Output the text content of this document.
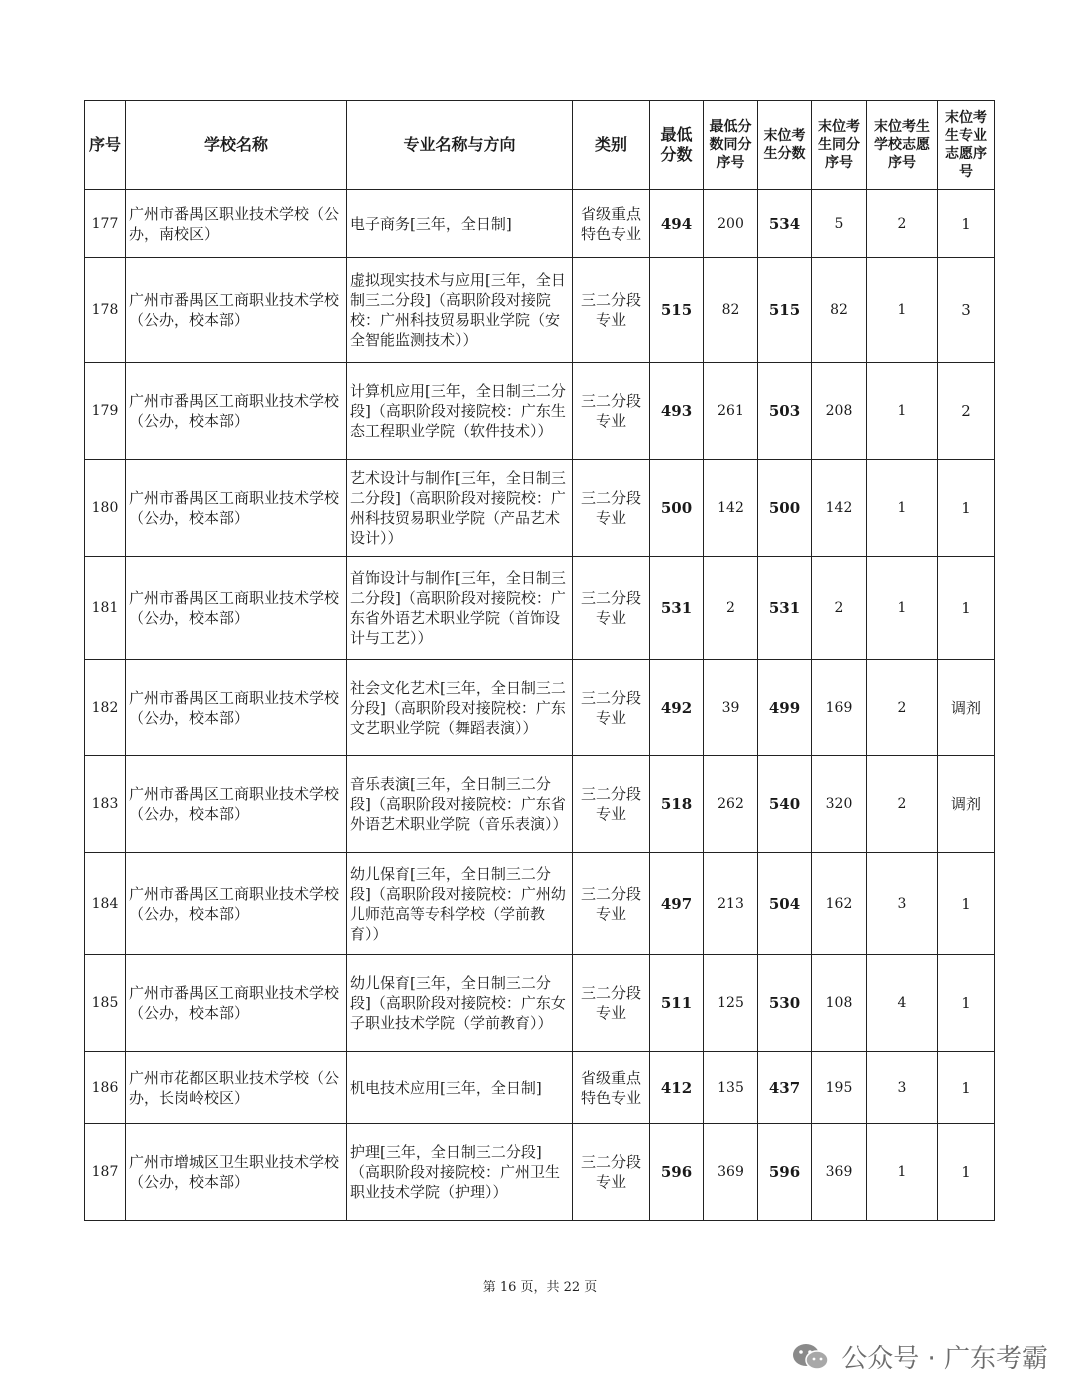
序号	学校名称	专业名称与方向	类别	最低分数	最低分数同分序号	末位考生分数	末位考生同分序号	末位考生学校志愿序号	末位考生专业志愿序号

177	广州市番禺区职业技术学校（公办，南校区）	电子商务[三年，全日制]	省级重点特色专业	494	200	534	5	2	1
178	广州市番禺区工商职业技术学校（公办，校本部）	虚拟现实技术与应用[三年，全日制三二分段]（高职阶段对接院校：广州科技贸易职业学院（安全智能监测技术））	三二分段专业	515	82	515	82	1	3
179	广州市番禺区工商职业技术学校（公办，校本部）	计算机应用[三年，全日制三二分段]（高职阶段对接院校：广东生态工程职业学院（软件技术））	三二分段专业	493	261	503	208	1	2
180	广州市番禺区工商职业技术学校（公办，校本部）	艺术设计与制作[三年，全日制三二分段]（高职阶段对接院校：广州科技贸易职业学院（产品艺术设计））	三二分段专业	500	142	500	142	1	1
181	广州市番禺区工商职业技术学校（公办，校本部）	首饰设计与制作[三年，全日制三二分段]（高职阶段对接院校：广东省外语艺术职业学院（首饰设计与工艺））	三二分段专业	531	2	531	2	1	1
182	广州市番禺区工商职业技术学校（公办，校本部）	社会文化艺术[三年，全日制三二分段]（高职阶段对接院校：广东文艺职业学院（舞蹈表演））	三二分段专业	492	39	499	169	2	调剂
183	广州市番禺区工商职业技术学校（公办，校本部）	音乐表演[三年，全日制三二分段]（高职阶段对接院校：广东省外语艺术职业学院（音乐表演））	三二分段专业	518	262	540	320	2	调剂
184	广州市番禺区工商职业技术学校（公办，校本部）	幼儿保育[三年，全日制三二分段]（高职阶段对接院校：广州幼儿师范高等专科学校（学前教育））	三二分段专业	497	213	504	162	3	1
185	广州市番禺区工商职业技术学校（公办，校本部）	幼儿保育[三年，全日制三二分段]（高职阶段对接院校：广东女子职业技术学院（学前教育））	三二分段专业	511	125	530	108	4	1
186	广州市花都区职业技术学校（公办，长岗岭校区）	机电技术应用[三年，全日制]	省级重点特色专业	412	135	437	195	3	1
187	广州市增城区卫生职业技术学校（公办，校本部）	护理[三年，全日制三二分段]（高职阶段对接院校：广州卫生职业技术学院（护理））	三二分段专业	596	369	596	369	1	1
第 16 页，共 22 页
公众号 · 广东考霸
